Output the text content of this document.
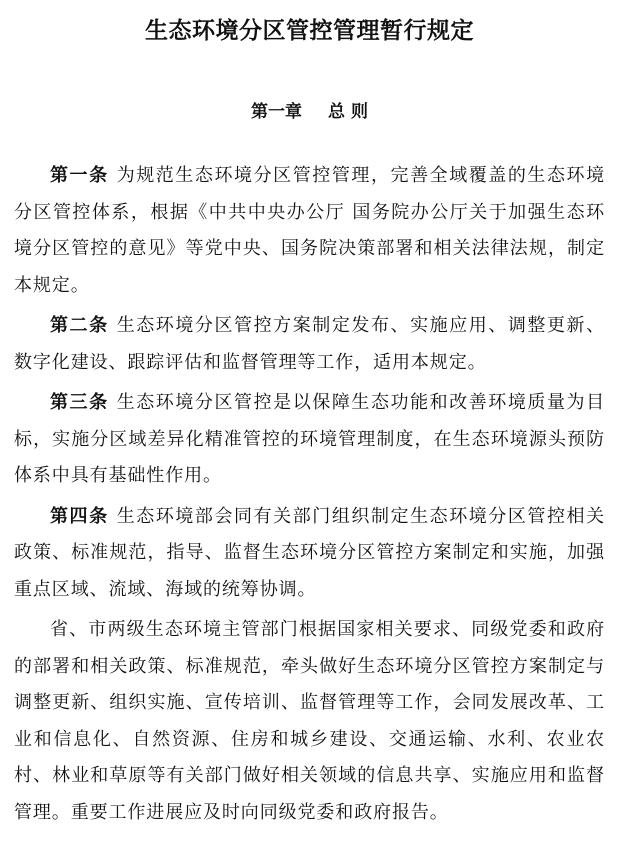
生态环境分区管控管理暂行规定
第一章 总 则

第一条 为规范生态环境分区管控管理，完善全域覆盖的生态环境分区管控体系，根据《中共中央办公厅 国务院办公厅关于加强生态环境分区管控的意见》等党中央、国务院决策部署和相关法律法规，制定本规定。

第二条 生态环境分区管控方案制定发布、实施应用、调整更新、数字化建设、跟踪评估和监督管理等工作，适用本规定。

第三条 生态环境分区管控是以保障生态功能和改善环境质量为目标，实施分区域差异化精准管控的环境管理制度，在生态环境源头预防体系中具有基础性作用。

第四条 生态环境部会同有关部门组织制定生态环境分区管控相关政策、标准规范，指导、监督生态环境分区管控方案制定和实施，加强重点区域、流域、海域的统筹协调。

省、市两级生态环境主管部门根据国家相关要求、同级党委和政府的部署和相关政策、标准规范，牵头做好生态环境分区管控方案制定与调整更新、组织实施、宣传培训、监督管理等工作，会同发展改革、工业和信息化、自然资源、住房和城乡建设、交通运输、水利、农业农村、林业和草原等有关部门做好相关领域的信息共享、实施应用和监督管理。重要工作进展应及时向同级党委和政府报告。
